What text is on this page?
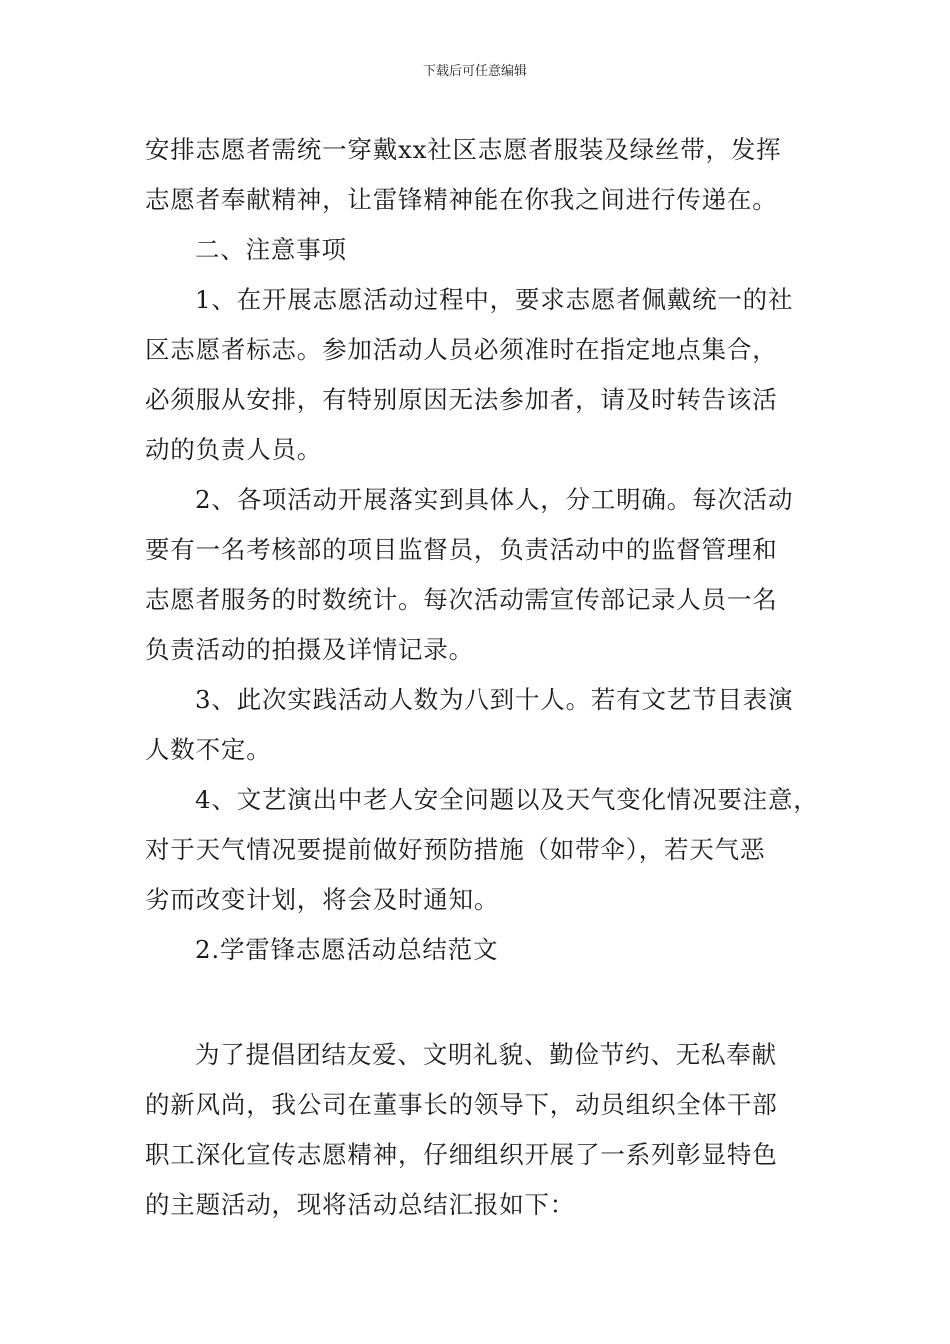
下载后可任意编辑
安排志愿者需统一穿戴xx社区志愿者服装及绿丝带，发挥
志愿者奉献精神，让雷锋精神能在你我之间进行传递在。
二、注意事项
1、在开展志愿活动过程中，要求志愿者佩戴统一的社
区志愿者标志。参加活动人员必须准时在指定地点集合，
必须服从安排，有特别原因无法参加者，请及时转告该活
动的负责人员。
2、各项活动开展落实到具体人，分工明确。每次活动
要有一名考核部的项目监督员，负责活动中的监督管理和
志愿者服务的时数统计。每次活动需宣传部记录人员一名
负责活动的拍摄及详情记录。
3、此次实践活动人数为八到十人。若有文艺节目表演
人数不定。
4、文艺演出中老人安全问题以及天气变化情况要注意，
对于天气情况要提前做好预防措施（如带伞），若天气恶
劣而改变计划，将会及时通知。
2.学雷锋志愿活动总结范文
为了提倡团结友爱、文明礼貌、勤俭节约、无私奉献
的新风尚，我公司在董事长的领导下，动员组织全体干部
职工深化宣传志愿精神，仔细组织开展了一系列彰显特色
的主题活动，现将活动总结汇报如下：
